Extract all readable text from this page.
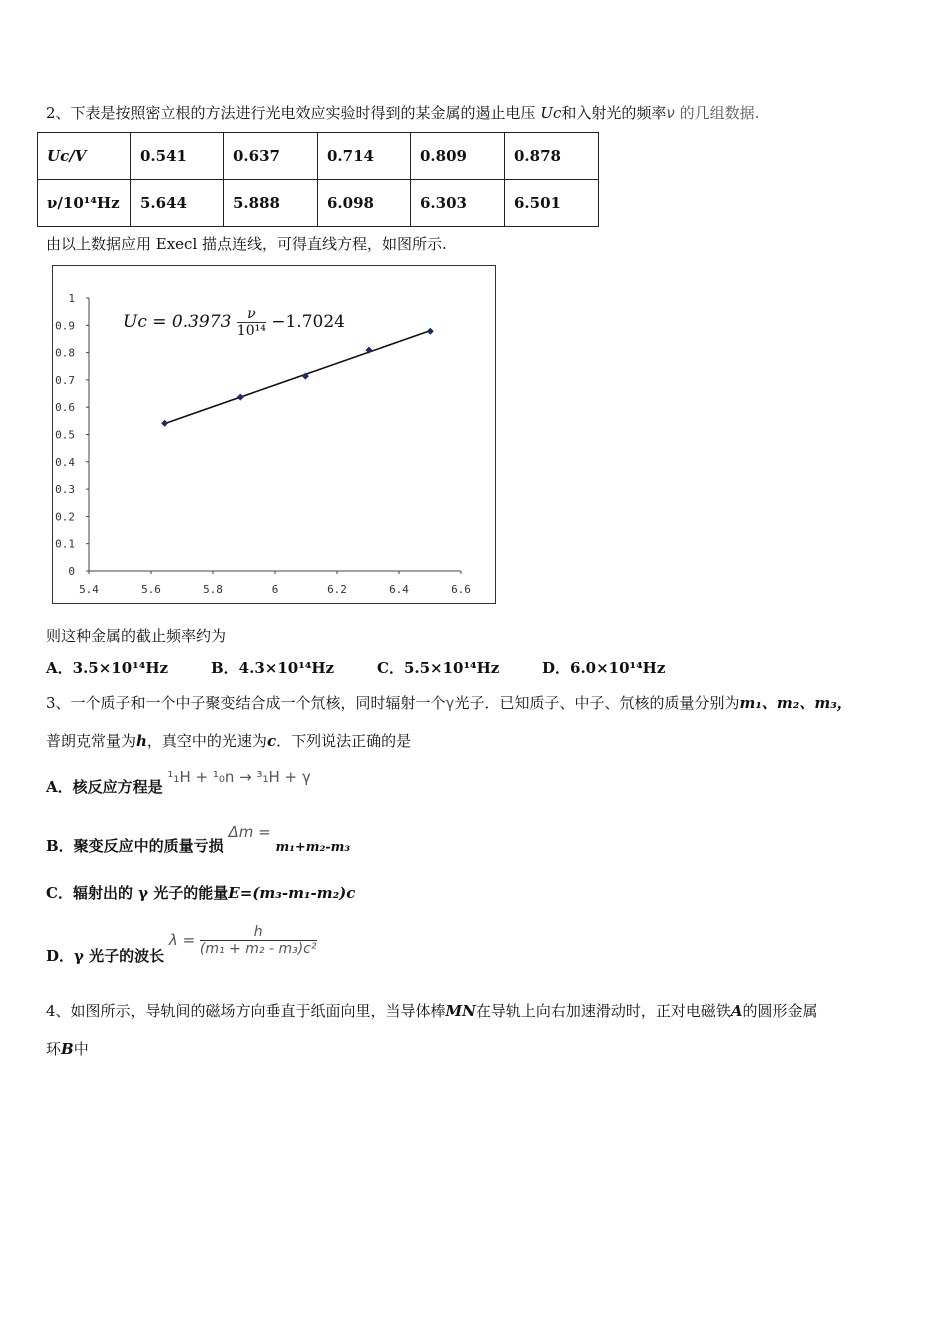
2、下表是按照密立根的方法进行光电效应实验时得到的某金属的遏止电压 Uc和入射光的频率ν 的几组数据.
Uc/V	0.541	0.637	0.714	0.809	0.878
ν/10¹⁴Hz	5.644	5.888	6.098	6.303	6.501
由以上数据应用 Execl 描点连线，可得直线方程，如图所示.
0
0.1
0.2
0.3
0.4
0.5
0.6
0.7
0.8
0.9
1
5.4	5.6	5.8	6	6.2	6.4	6.6
$Uc = 0.3973 \frac{\nu}{\text{10¹⁴}} -1.7024$
则这种金属的截止频率约为
A．3.5×10¹⁴Hz	B．4.3×10¹⁴Hz	C．5.5×10¹⁴Hz	D．6.0×10¹⁴Hz
3、一个质子和一个中子聚变结合成一个氘核，同时辐射一个γ光子．已知质子、中子、氘核的质量分别为m₁、m₂、m₃，
普朗克常量为h，真空中的光速为c．下列说法正确的是
A．核反应方程是 ¹₁H + ¹₀n → ³₁H + γ
B．聚变反应中的质量亏损 Δm = m₁+m₂-m₃
C．辐射出的 γ 光子的能量E=(m₃-m₁-m₂)c
D．γ 光子的波长 $\lambda = \frac{h}{\text{(m₁ + m₂ - m₃)c²}}$
4、如图所示，导轨间的磁场方向垂直于纸面向里，当导体棒MN在导轨上向右加速滑动时，正对电磁铁A的圆形金属
环B中
